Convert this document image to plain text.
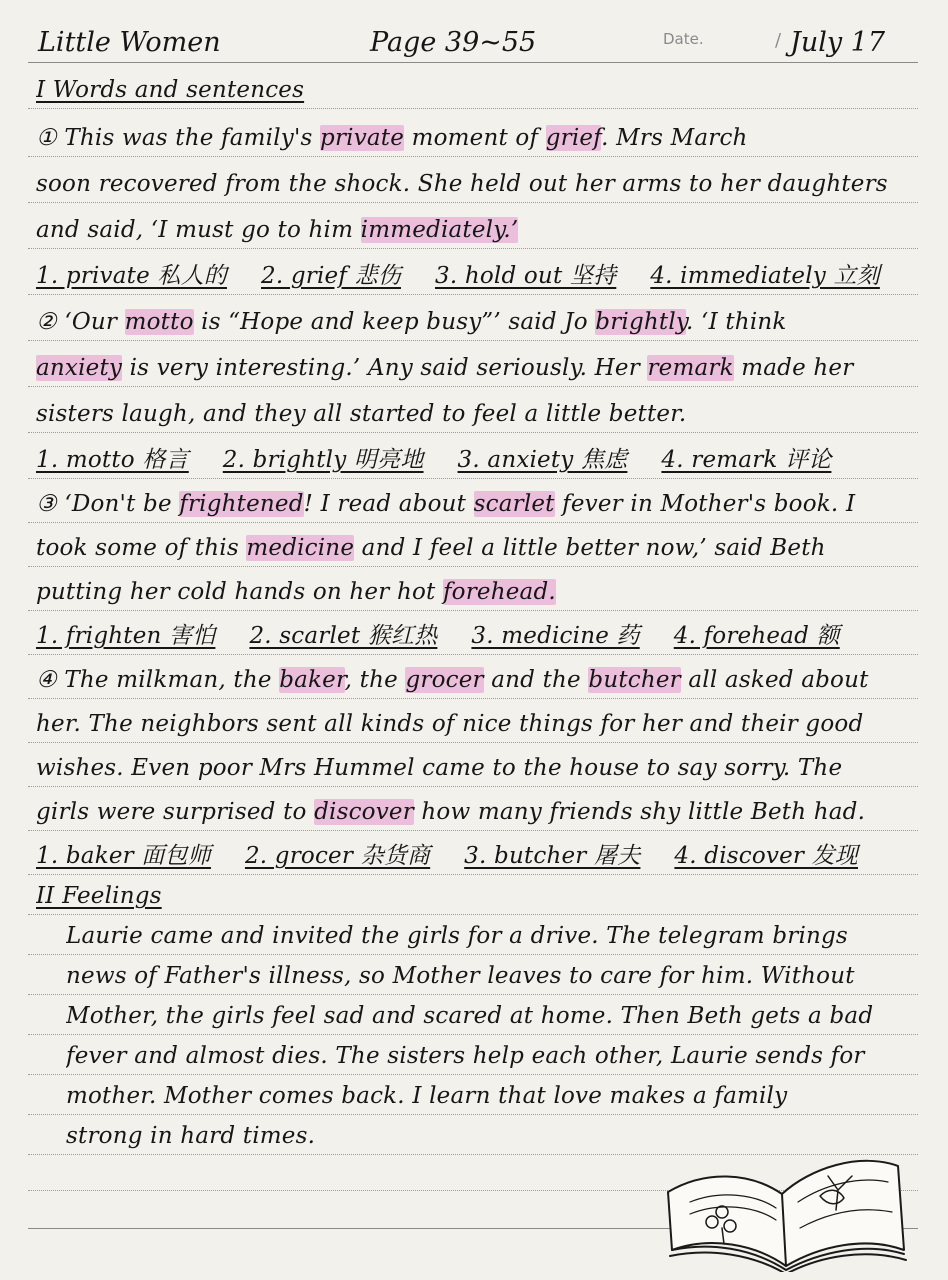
Little Women	Page 39~55	Date.	/ July 17
I Words and sentences
① This was the family's private moment of grief. Mrs March
soon recovered from the shock. She held out her arms to her daughters
and said, ‘I must go to him immediately.’
1. private 私人的 2. grief 悲伤 3. hold out 坚持 4. immediately 立刻
② ‘Our motto is “Hope and keep busy”’ said Jo brightly. ‘I think
anxiety is very interesting.’ Any said seriously. Her remark made her
sisters laugh, and they all started to feel a little better.
1. motto 格言 2. brightly 明亮地 3. anxiety 焦虑 4. remark 评论
③ ‘Don't be frightened! I read about scarlet fever in Mother's book. I
took some of this medicine and I feel a little better now,’ said Beth
putting her cold hands on her hot forehead.
1. frighten 害怕 2. scarlet 猴红热 3. medicine 药 4. forehead 额
④ The milkman, the baker, the grocer and the butcher all asked about
her. The neighbors sent all kinds of nice things for her and their good
wishes. Even poor Mrs Hummel came to the house to say sorry. The
girls were surprised to discover how many friends shy little Beth had.
1. baker 面包师 2. grocer 杂货商 3. butcher 屠夫 4. discover 发现
II Feelings
Laurie came and invited the girls for a drive. The telegram brings
news of Father's illness, so Mother leaves to care for him. Without
Mother, the girls feel sad and scared at home. Then Beth gets a bad
fever and almost dies. The sisters help each other, Laurie sends for
mother. Mother comes back. I learn that love makes a family
strong in hard times.
